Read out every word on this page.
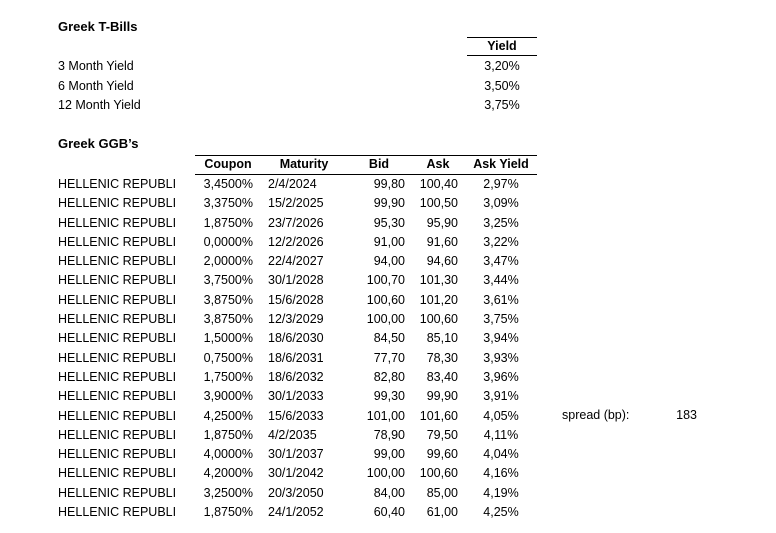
Greek T-Bills
Yield
3 Month Yield	3,20%
6 Month Yield	3,50%
12 Month Yield	3,75%
Greek GGB’s
Coupon	Maturity	Bid	Ask	Ask Yield
HELLENIC REPUBLI	3,4500%	2/4/2024	99,80	100,40	2,97%
HELLENIC REPUBLI	3,3750%	15/2/2025	99,90	100,50	3,09%
HELLENIC REPUBLI	1,8750%	23/7/2026	95,30	95,90	3,25%
HELLENIC REPUBLI	0,0000%	12/2/2026	91,00	91,60	3,22%
HELLENIC REPUBLI	2,0000%	22/4/2027	94,00	94,60	3,47%
HELLENIC REPUBLI	3,7500%	30/1/2028	100,70	101,30	3,44%
HELLENIC REPUBLI	3,8750%	15/6/2028	100,60	101,20	3,61%
HELLENIC REPUBLI	3,8750%	12/3/2029	100,00	100,60	3,75%
HELLENIC REPUBLI	1,5000%	18/6/2030	84,50	85,10	3,94%
HELLENIC REPUBLI	0,7500%	18/6/2031	77,70	78,30	3,93%
HELLENIC REPUBLI	1,7500%	18/6/2032	82,80	83,40	3,96%
HELLENIC REPUBLI	3,9000%	30/1/2033	99,30	99,90	3,91%
HELLENIC REPUBLI	4,2500%	15/6/2033	101,00	101,60	4,05%
HELLENIC REPUBLI	1,8750%	4/2/2035	78,90	79,50	4,11%
HELLENIC REPUBLI	4,0000%	30/1/2037	99,00	99,60	4,04%
HELLENIC REPUBLI	4,2000%	30/1/2042	100,00	100,60	4,16%
HELLENIC REPUBLI	3,2500%	20/3/2050	84,00	85,00	4,19%
HELLENIC REPUBLI	1,8750%	24/1/2052	60,40	61,00	4,25%
spread (bp):	183
